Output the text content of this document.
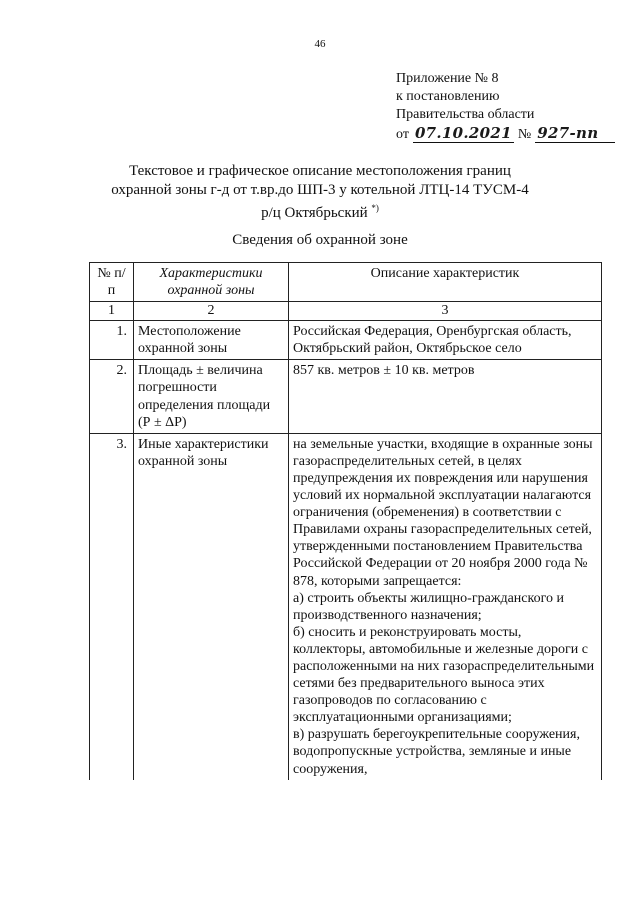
46
Приложение № 8
к постановлению
Правительства области
от 07.10.2021 № 927-пп
Текстовое и графическое описание местоположения границ
охранной зоны г-д от т.вр.до ШП-3 у котельной ЛТЦ-14 ТУСМ-4
р/ц Октябрьский *)
Сведения об охранной зоне
№ п/п	Характеристики охранной зоны	Описание характеристик
1	2	3
1.	Местоположение охранной зоны	Российская Федерация, Оренбургская область, Октябрьский район, Октябрьское село

2.	Площадь ± величина погрешности определения площади (Р ± ΔР)	857 кв. метров ± 10 кв. метров

3.	Иные характеристики охранной зоны	на земельные участки, входящие в охранные зоны газораспределительных сетей, в целях предупреждения их повреждения или нарушения условий их нормальной эксплуатации налагаются ограничения (обременения) в соответствии с Правилами охраны газораспределительных сетей, утвержденными постановлением Правительства Российской Федерации от 20 ноября 2000 года № 878, которыми запрещается:
а) строить объекты жилищно-гражданского и производственного назначения;
б) сносить и реконструировать мосты, коллекторы, автомобильные и железные дороги с расположенными на них газораспределительными сетями без предварительного выноса этих газопроводов по согласованию с эксплуатационными организациями;
в) разрушать берегоукрепительные сооружения, водопропускные устройства, земляные и иные сооружения,
